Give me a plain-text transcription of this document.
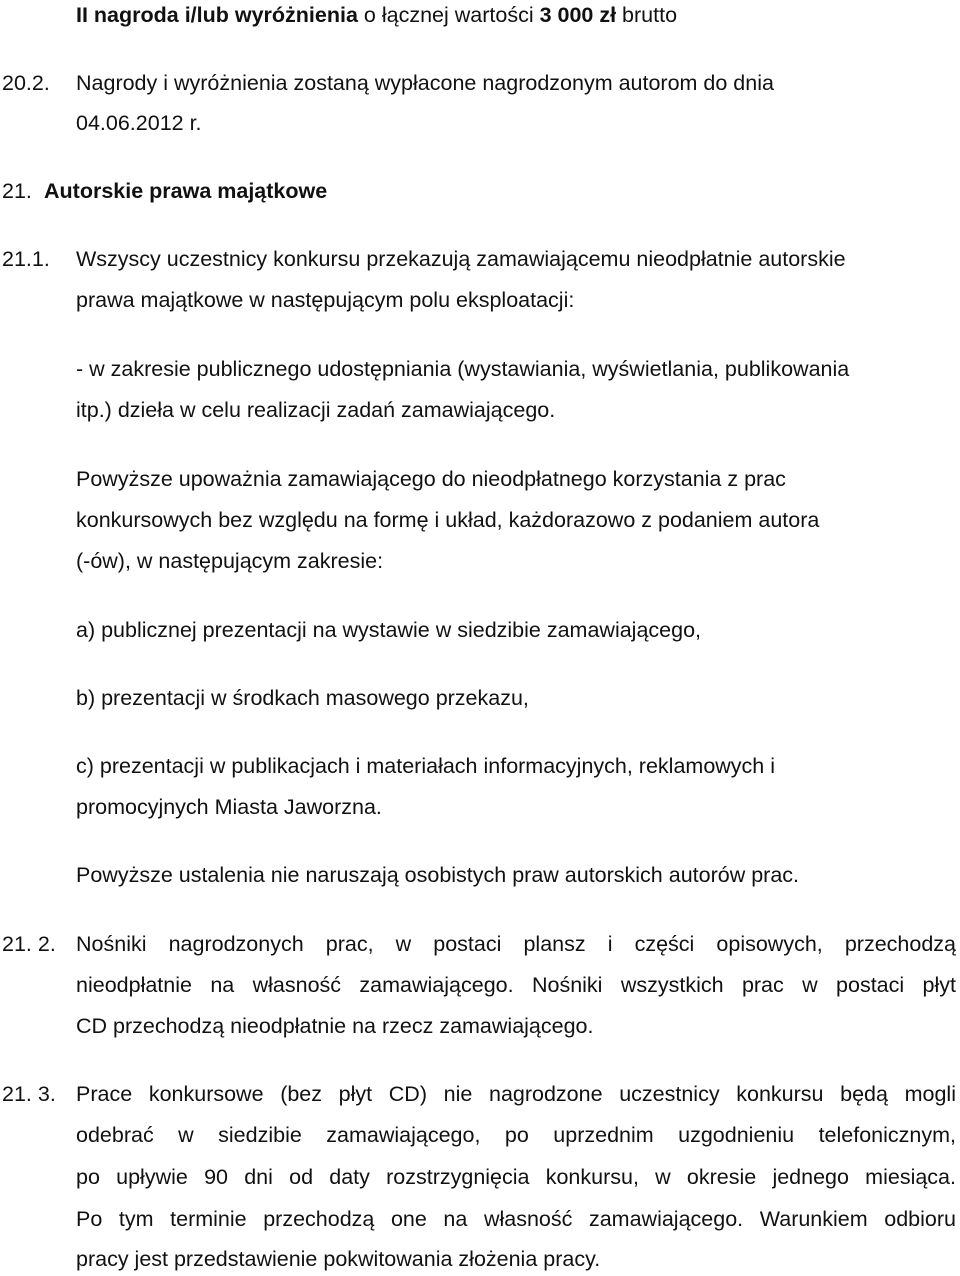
II nagroda i/lub wyróżnienia o łącznej wartości 3 000 zł brutto
20.2. Nagrody i wyróżnienia zostaną wypłacone nagrodzonym autorom do dnia
04.06.2012 r.
21. Autorskie prawa majątkowe
21.1. Wszyscy uczestnicy konkursu przekazują zamawiającemu nieodpłatnie autorskie
prawa majątkowe w następującym polu eksploatacji:
- w zakresie publicznego udostępniania (wystawiania, wyświetlania, publikowania
itp.) dzieła w celu realizacji zadań zamawiającego.
Powyższe upoważnia zamawiającego do nieodpłatnego korzystania z prac
konkursowych bez względu na formę i układ, każdorazowo z podaniem autora
(-ów), w następującym zakresie:
a) publicznej prezentacji na wystawie w siedzibie zamawiającego,
b) prezentacji w środkach masowego przekazu,
c) prezentacji w publikacjach i materiałach informacyjnych, reklamowych i
promocyjnych Miasta Jaworzna.
Powyższe ustalenia nie naruszają osobistych praw autorskich autorów prac.
21. 2. Nośniki nagrodzonych prac, w postaci plansz i części opisowych, przechodzą
nieodpłatnie na własność zamawiającego. Nośniki wszystkich prac w postaci płyt
CD przechodzą nieodpłatnie na rzecz zamawiającego.
21. 3. Prace konkursowe (bez płyt CD) nie nagrodzone uczestnicy konkursu będą mogli
odebrać w siedzibie zamawiającego, po uprzednim uzgodnieniu telefonicznym,
po upływie 90 dni od daty rozstrzygnięcia konkursu, w okresie jednego miesiąca.
Po tym terminie przechodzą one na własność zamawiającego. Warunkiem odbioru
pracy jest przedstawienie pokwitowania złożenia pracy.
